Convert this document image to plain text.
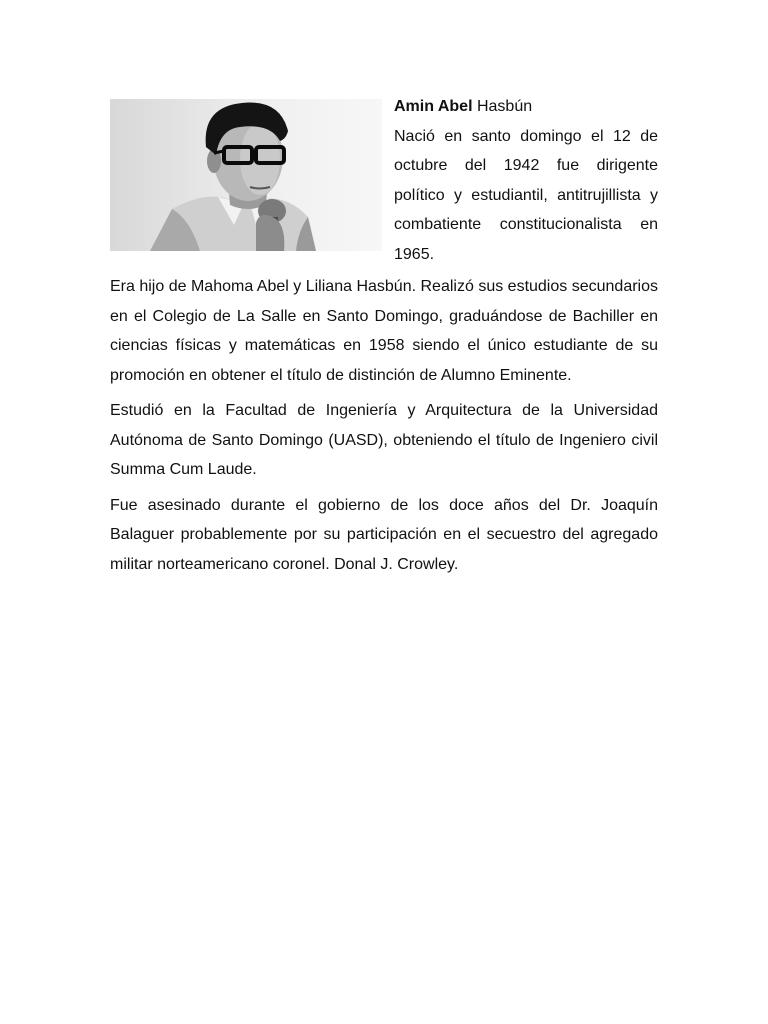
Amin Abel Hasbún

Nació en santo domingo el 12 de octubre del 1942 fue dirigente político y estudiantil, antitrujillista y combatiente constitucionalista en 1965.

Era hijo de Mahoma Abel y Liliana Hasbún. Realizó sus estudios secundarios en el Colegio de La Salle en Santo Domingo, graduándose de Bachiller en ciencias físicas y matemáticas en 1958 siendo el único estudiante de su promoción en obtener el título de distinción de Alumno Eminente.

Estudió en la Facultad de Ingeniería y Arquitectura de la Universidad Autónoma de Santo Domingo (UASD), obteniendo el título de Ingeniero civil Summa Cum Laude.

Fue asesinado durante el gobierno de los doce años del Dr. Joaquín Balaguer probablemente por su participación en el secuestro del agregado militar norteamericano coronel. Donal J. Crowley.
